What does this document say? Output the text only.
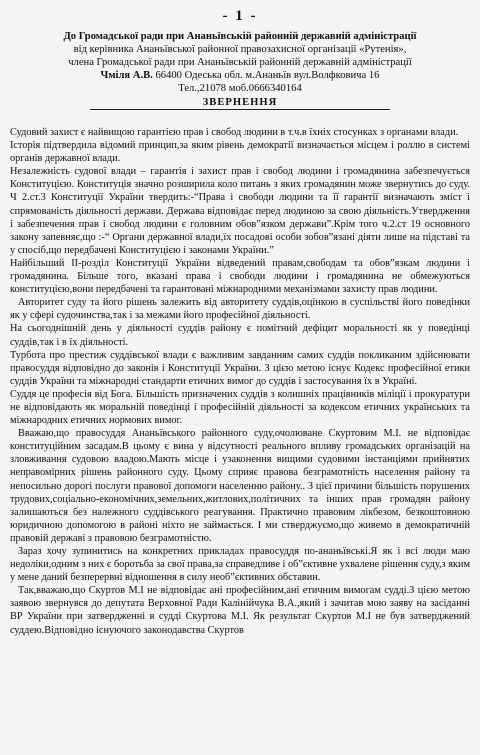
- 1 -

До Громадської ради при Ананьївській районній державній адміністрації

від керівника Ананьївської районної правозахисної організації «Рутенія»,

члена Громадської ради при Ананьївській районній державній адміністрації

Чміля А.В. 66400 Одеська обл. м.Ананьїв вул.Волфковича 16

Тел.,21078 моб.0666340164

ЗВЕРНЕННЯ

Судовий захист є найвищою гарантією прав і свобод людини в т.ч.в їхніх стосунках з органами влади.

Історія підтвердила відомий принцип,за яким рівень демократії визначається місцем і роллю в системі органів державної влади.

Незалежність судової влади – гарантія і захист прав і свобод людини і громадянина забезпечується Конституцією. Конституція значно розширила коло питань з яких громадянин може звернутись до суду. Ч 2.ст.3 Конституції України твердить:-“Права і свободи людини та її гарантії визначають зміст і спрямованість діяльності держави. Держава відповідає перед людиною за свою діяльність.Утвердження і забезпечення прав і свобод людини є головним обов”язком держави”.Крім того ч.2.ст 19 основного закону запевняє,що :-“ Органи державної влади,їх посадові особи зобов”язані діяти лише на підставі та у спосіб,що передбачені Конституцією і законами України.”

Найбільший II-розділ Конституції України відведений правам,свободам та обов”язкам людини і громадянина. Більше того, вказані права і свободи людини і громадянина не обмежуються конституцією,вони передбачені та гарантовані міжнародними механізмами захисту прав людини.

Авторитет суду та його рішень залежить від авторитету суддів,оцінкою в суспільстві його поведінки як у сфері судочинства,так і за межами його професійної діяльності.

На сьогоднішній день у діяльності суддів району є помітний дефіцит моральності як у поведінці суддів,так і в їх діяльності.

Турбота про престиж суддівської влади є важливим завданням самих суддів покликаним здійснювати правосуддя відповідно до законів і Конституції України. З цією метою існує Кодекс професійної етики суддів України та міжнародні стандарти етичних вимог до суддів і застосування їх в Україні.

Суддя це професія від Бога. Більшість призначених суддів з колишніх працівників міліції і прокуратури не відповідають як моральній поведінці і професійній діяльності за кодексом етичних українських та міжнародних етичних нормових вимог.

Вважаю,що правосуддя Ананьївського районного суду,очолюване Скуртовим М.І. не відповідає конституційним засадам.В цьому є вина у відсутності реального впливу громадських організацій на зловживання судовою владою.Мають місце і узаконення вищими судовими інстанціями прийнятих неправомірних рішень районного суду. Цьому сприяє правова безграмотність населення району та непосильно дорогі послуги правової допомоги населенню району.. З цієї причини більшість порушених трудових,соціально-економічних,земельних,житлових,політичних та інших прав громадян району залишаються без належного суддівського реагування. Практично правовим лікбезом, безкоштовною юридичною допомогою в районі ніхто не займається. І ми стверджуємо,що живемо в демократичній правовій державі з правовою безграмотністю.

Зараз хочу зупинитись на конкретних прикладах правосуддя по-ананьївські.Я як і всі люди маю недоліки,одним з них є боротьба за свої права,за справедливе і об”єктивне ухвалене рішення суду,з яким у мене даний безперервні відношення в силу необ”єктивних обставин.

Так,вважаю,що Скуртов М.І не відповідає ані професійним,ані етичним вимогам судді.З цією метою заявою звернувся до депутата Верховної Ради Калінійчука В.А.,який і зачитав мою заяву на засіданні ВР України при затвердженні в судді Скуртова М.І. Як результат Скуртов М.І не був затверджений суддею.Відповідно існуючого законодавства Скуртов
